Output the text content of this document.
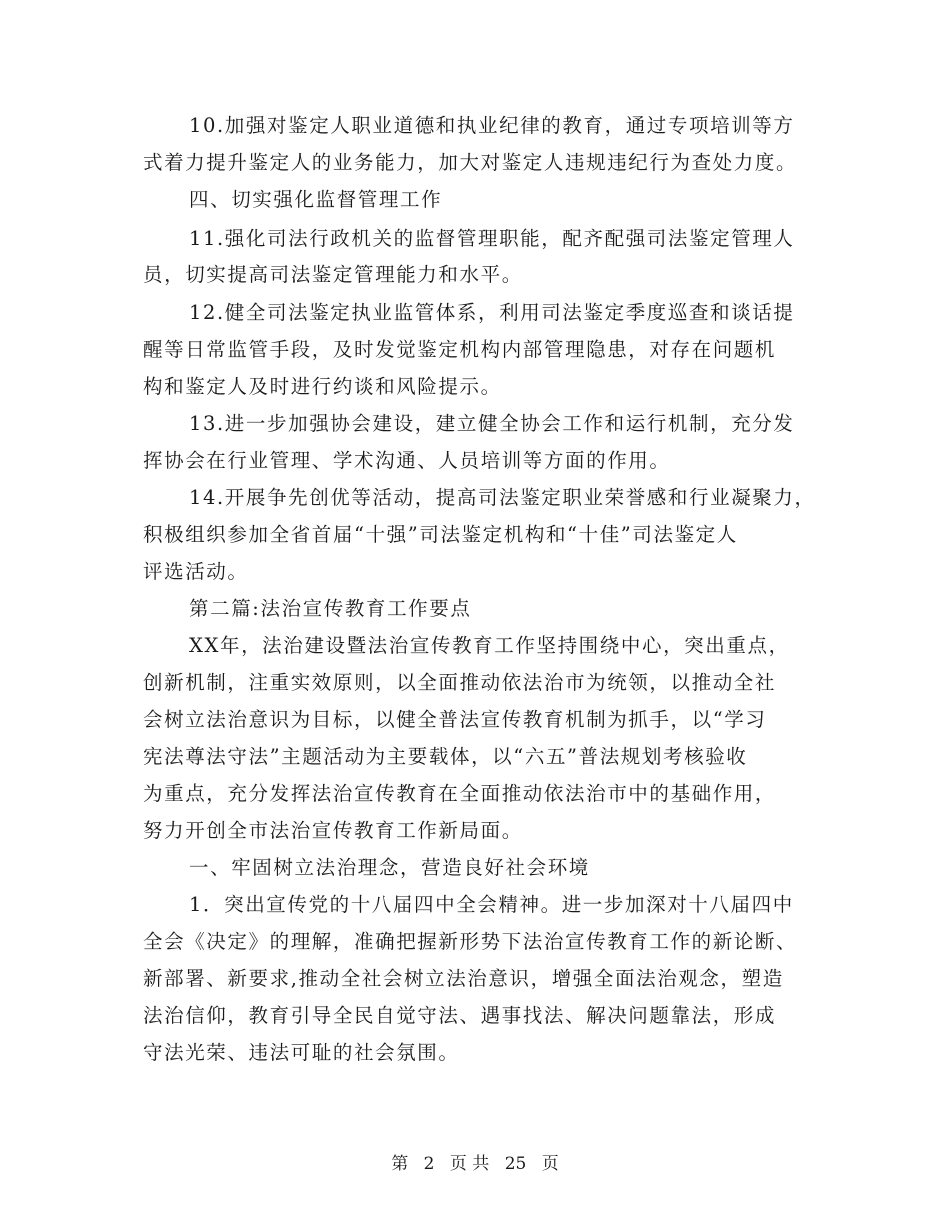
10.加强对鉴定人职业道德和执业纪律的教育，通过专项培训等方
式着力提升鉴定人的业务能力，加大对鉴定人违规违纪行为查处力度。
四、切实强化监督管理工作
11.强化司法行政机关的监督管理职能，配齐配强司法鉴定管理人
员，切实提高司法鉴定管理能力和水平。
12.健全司法鉴定执业监管体系，利用司法鉴定季度巡查和谈话提
醒等日常监管手段，及时发觉鉴定机构内部管理隐患，对存在问题机
构和鉴定人及时进行约谈和风险提示。
13.进一步加强协会建设，建立健全协会工作和运行机制，充分发
挥协会在行业管理、学术沟通、人员培训等方面的作用。
14.开展争先创优等活动，提高司法鉴定职业荣誉感和行业凝聚力，
积极组织参加全省首届“十强”司法鉴定机构和“十佳”司法鉴定人
评选活动。
第二篇:法治宣传教育工作要点
XX年，法治建设暨法治宣传教育工作坚持围绕中心，突出重点，
创新机制，注重实效原则，以全面推动依法治市为统领，以推动全社
会树立法治意识为目标，以健全普法宣传教育机制为抓手，以“学习
宪法尊法守法”主题活动为主要载体，以“六五”普法规划考核验收
为重点，充分发挥法治宣传教育在全面推动依法治市中的基础作用，
努力开创全市法治宣传教育工作新局面。
一、牢固树立法治理念，营造良好社会环境
1．突出宣传党的十八届四中全会精神。进一步加深对十八届四中
全会《决定》的理解，准确把握新形势下法治宣传教育工作的新论断、
新部署、新要求,推动全社会树立法治意识，增强全面法治观念，塑造
法治信仰，教育引导全民自觉守法、遇事找法、解决问题靠法，形成
守法光荣、违法可耻的社会氛围。
第 2 页 共 25 页
